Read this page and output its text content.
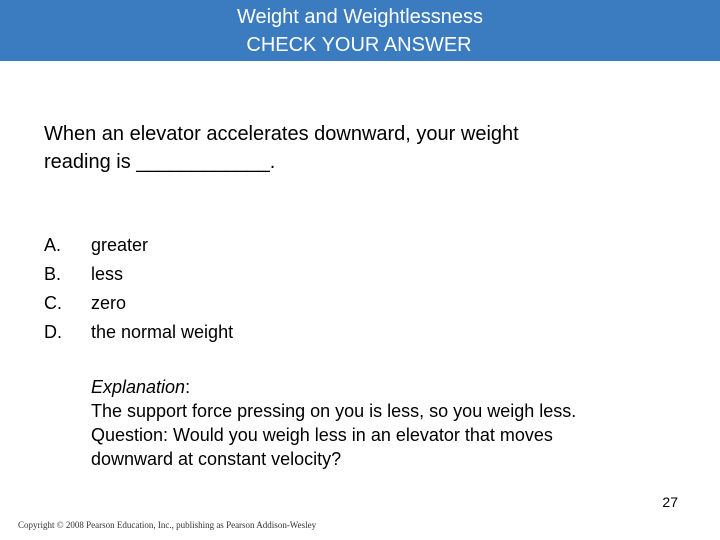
Weight and Weightlessness
CHECK YOUR ANSWER
When an elevator accelerates downward, your weight
reading is ____________.
A. greater
B. less
C. zero
D. the normal weight

Explanation:

The support force pressing on you is less, so you weigh less.

Question: Would you weigh less in an elevator that moves

downward at constant velocity?

27
Copyright © 2008 Pearson Education, Inc., publishing as Pearson Addison-Wesley
